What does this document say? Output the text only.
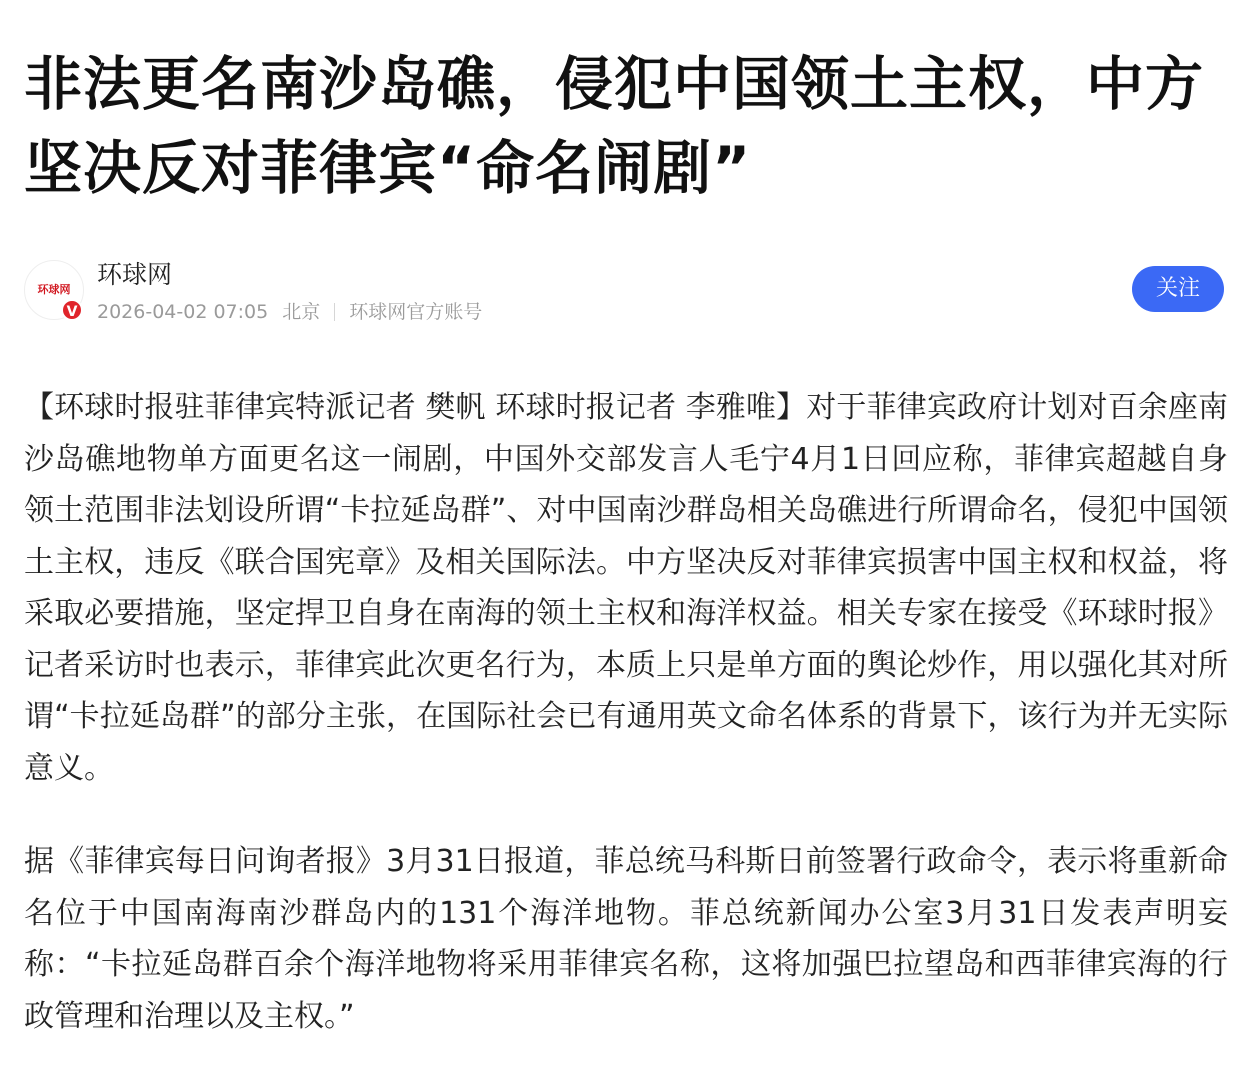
非法更名南沙岛礁，侵犯中国领土主权，中方坚决反对菲律宾“命名闹剧”
环球网
V
环球网
2026-04-02 07:05 北京 环球网官方账号
关注

【环球时报驻菲律宾特派记者 樊帆 环球时报记者 李雅唯】对于菲律宾政府计划对百余座南沙岛礁地物单方面更名这一闹剧，中国外交部发言人毛宁4月1日回应称，菲律宾超越自身领土范围非法划设所谓“卡拉延岛群”、对中国南沙群岛相关岛礁进行所谓命名，侵犯中国领土主权，违反《联合国宪章》及相关国际法。中方坚决反对菲律宾损害中国主权和权益，将采取必要措施，坚定捍卫自身在南海的领土主权和海洋权益。相关专家在接受《环球时报》记者采访时也表示，菲律宾此次更名行为，本质上只是单方面的舆论炒作，用以强化其对所谓“卡拉延岛群”的部分主张，在国际社会已有通用英文命名体系的背景下，该行为并无实际意义。

据《菲律宾每日问询者报》3月31日报道，菲总统马科斯日前签署行政命令，表示将重新命名位于中国南海南沙群岛内的131个海洋地物。菲总统新闻办公室3月31日发表声明妄称：“卡拉延岛群百余个海洋地物将采用菲律宾名称，这将加强巴拉望岛和西菲律宾海的行政管理和治理以及主权。”
